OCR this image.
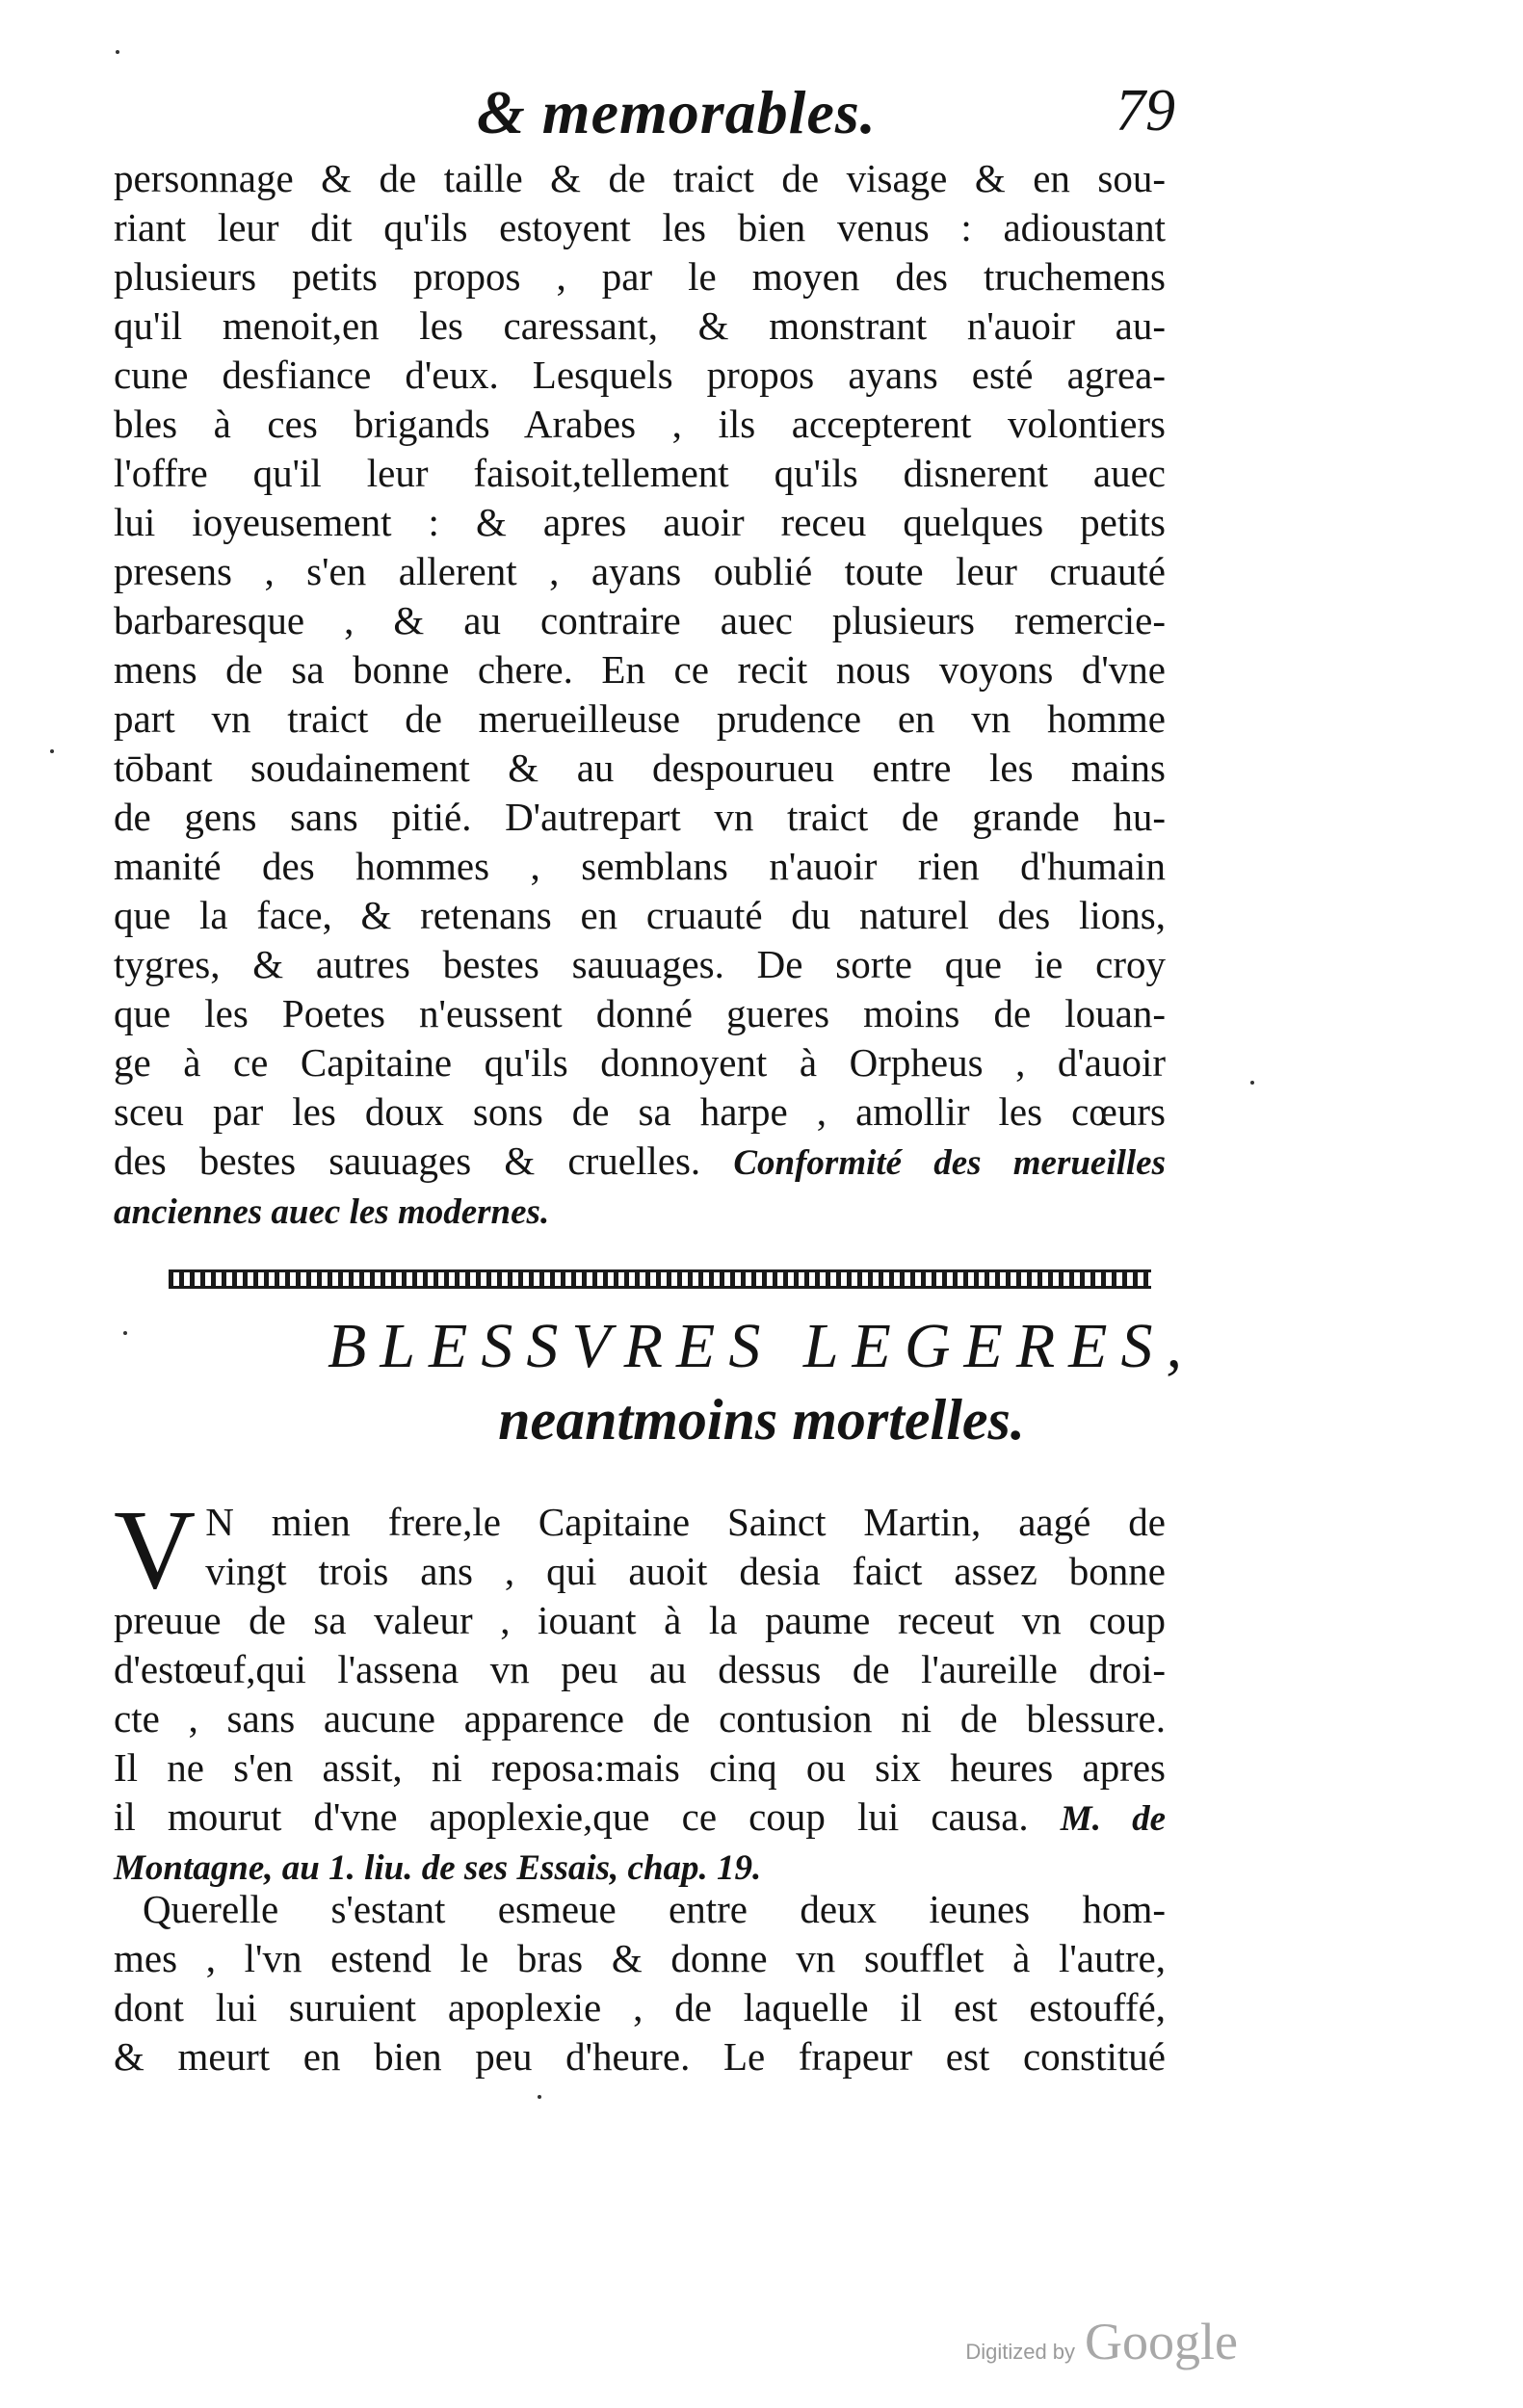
& memorables.	79
personnage & de taille & de traict de visage & en sou-
riant leur dit qu'ils estoyent les bien venus : adioustant
plusieurs petits propos , par le moyen des truchemens
qu'il menoit,en les caressant, & monstrant n'auoir au-
cune desfiance d'eux. Lesquels propos ayans esté agrea-
bles à ces brigands Arabes , ils accepterent volontiers
l'offre qu'il leur faisoit,tellement qu'ils disnerent auec
lui ioyeusement : & apres auoir receu quelques petits
presens , s'en allerent , ayans oublié toute leur cruauté
barbaresque , & au contraire auec plusieurs remercie-
mens de sa bonne chere. En ce recit nous voyons d'vne
part vn traict de merueilleuse prudence en vn homme
tōbant soudainement & au despourueu entre les mains
de gens sans pitié. D'autrepart vn traict de grande hu-
manité des hommes , semblans n'auoir rien d'humain
que la face, & retenans en cruauté du naturel des lions,
tygres, & autres bestes sauuages. De sorte que ie croy
que les Poetes n'eussent donné gueres moins de louan-
ge à ce Capitaine qu'ils donnoyent à Orpheus , d'auoir
sceu par les doux sons de sa harpe , amollir les cœurs
des bestes sauuages & cruelles. Conformité des merueilles
anciennes auec les modernes.
BLESSVRES LEGERES,
neantmoins mortelles.
V N mien frere,le Capitaine Sainct Martin, aagé de
vingt trois ans , qui auoit desia faict assez bonne
preuue de sa valeur , iouant à la paume receut vn coup
d'estœuf,qui l'assena vn peu au dessus de l'aureille droi-
cte , sans aucune apparence de contusion ni de blessure.
Il ne s'en assit, ni reposa:mais cinq ou six heures apres
il mourut d'vne apoplexie,que ce coup lui causa. M. de
Montagne, au 1. liu. de ses Essais, chap. 19.
Querelle s'estant esmeue entre deux ieunes hom-
mes , l'vn estend le bras & donne vn soufflet à l'autre,
dont lui suruient apoplexie , de laquelle il est estouffé,
& meurt en bien peu d'heure. Le frapeur est constitué
Digitized by Google
